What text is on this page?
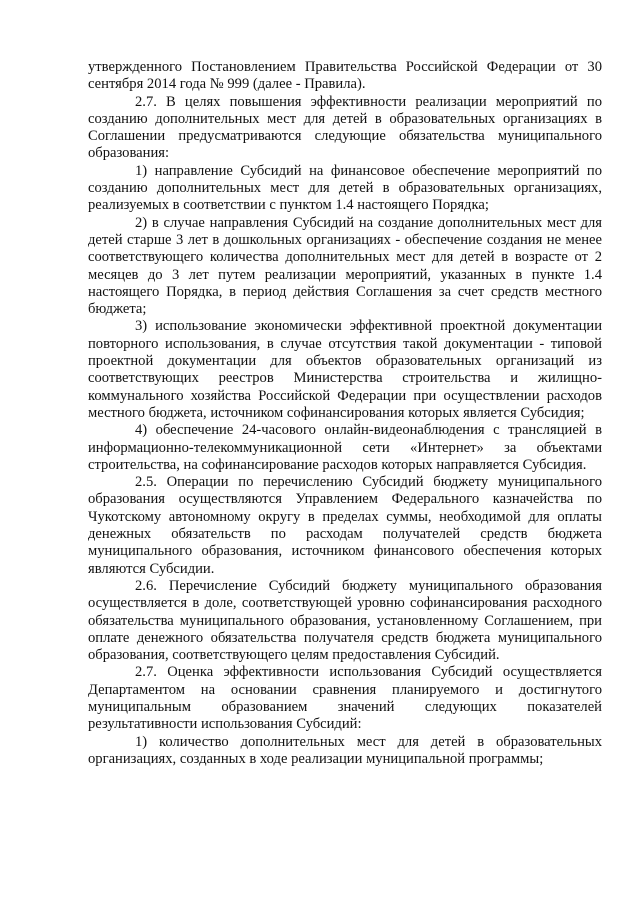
утвержденного Постановлением Правительства Российской Федерации от 30 сентября 2014 года № 999 (далее - Правила).

2.7. В целях повышения эффективности реализации мероприятий по созданию дополнительных мест для детей в образовательных организациях в Соглашении предусматриваются следующие обязательства муниципального образования:

1) направление Субсидий на финансовое обеспечение мероприятий по созданию дополнительных мест для детей в образовательных организациях, реализуемых в соответствии с пунктом 1.4 настоящего Порядка;

2) в случае направления Субсидий на создание дополнительных мест для детей старше 3 лет в дошкольных организациях - обеспечение создания не менее соответствующего количества дополнительных мест для детей в возрасте от 2 месяцев до 3 лет путем реализации мероприятий, указанных в пункте 1.4 настоящего Порядка, в период действия Соглашения за счет средств местного бюджета;

3) использование экономически эффективной проектной документации повторного использования, в случае отсутствия такой документации - типовой проектной документации для объектов образовательных организаций из соответствующих реестров Министерства строительства и жилищно-коммунального хозяйства Российской Федерации при осуществлении расходов местного бюджета, источником софинансирования которых является Субсидия;

4) обеспечение 24-часового онлайн-видеонаблюдения с трансляцией в информационно-телекоммуникационной сети «Интернет» за объектами строительства, на софинансирование расходов которых направляется Субсидия.

2.5. Операции по перечислению Субсидий бюджету муниципального образования осуществляются Управлением Федерального казначейства по Чукотскому автономному округу в пределах суммы, необходимой для оплаты денежных обязательств по расходам получателей средств бюджета муниципального образования, источником финансового обеспечения которых являются Субсидии.

2.6. Перечисление Субсидий бюджету муниципального образования осуществляется в доле, соответствующей уровню софинансирования расходного обязательства муниципального образования, установленному Соглашением, при оплате денежного обязательства получателя средств бюджета муниципального образования, соответствующего целям предоставления Субсидий.

2.7. Оценка эффективности использования Субсидий осуществляется Департаментом на основании сравнения планируемого и достигнутого муниципальным образованием значений следующих показателей результативности использования Субсидий:

1) количество дополнительных мест для детей в образовательных организациях, созданных в ходе реализации муниципальной программы;
